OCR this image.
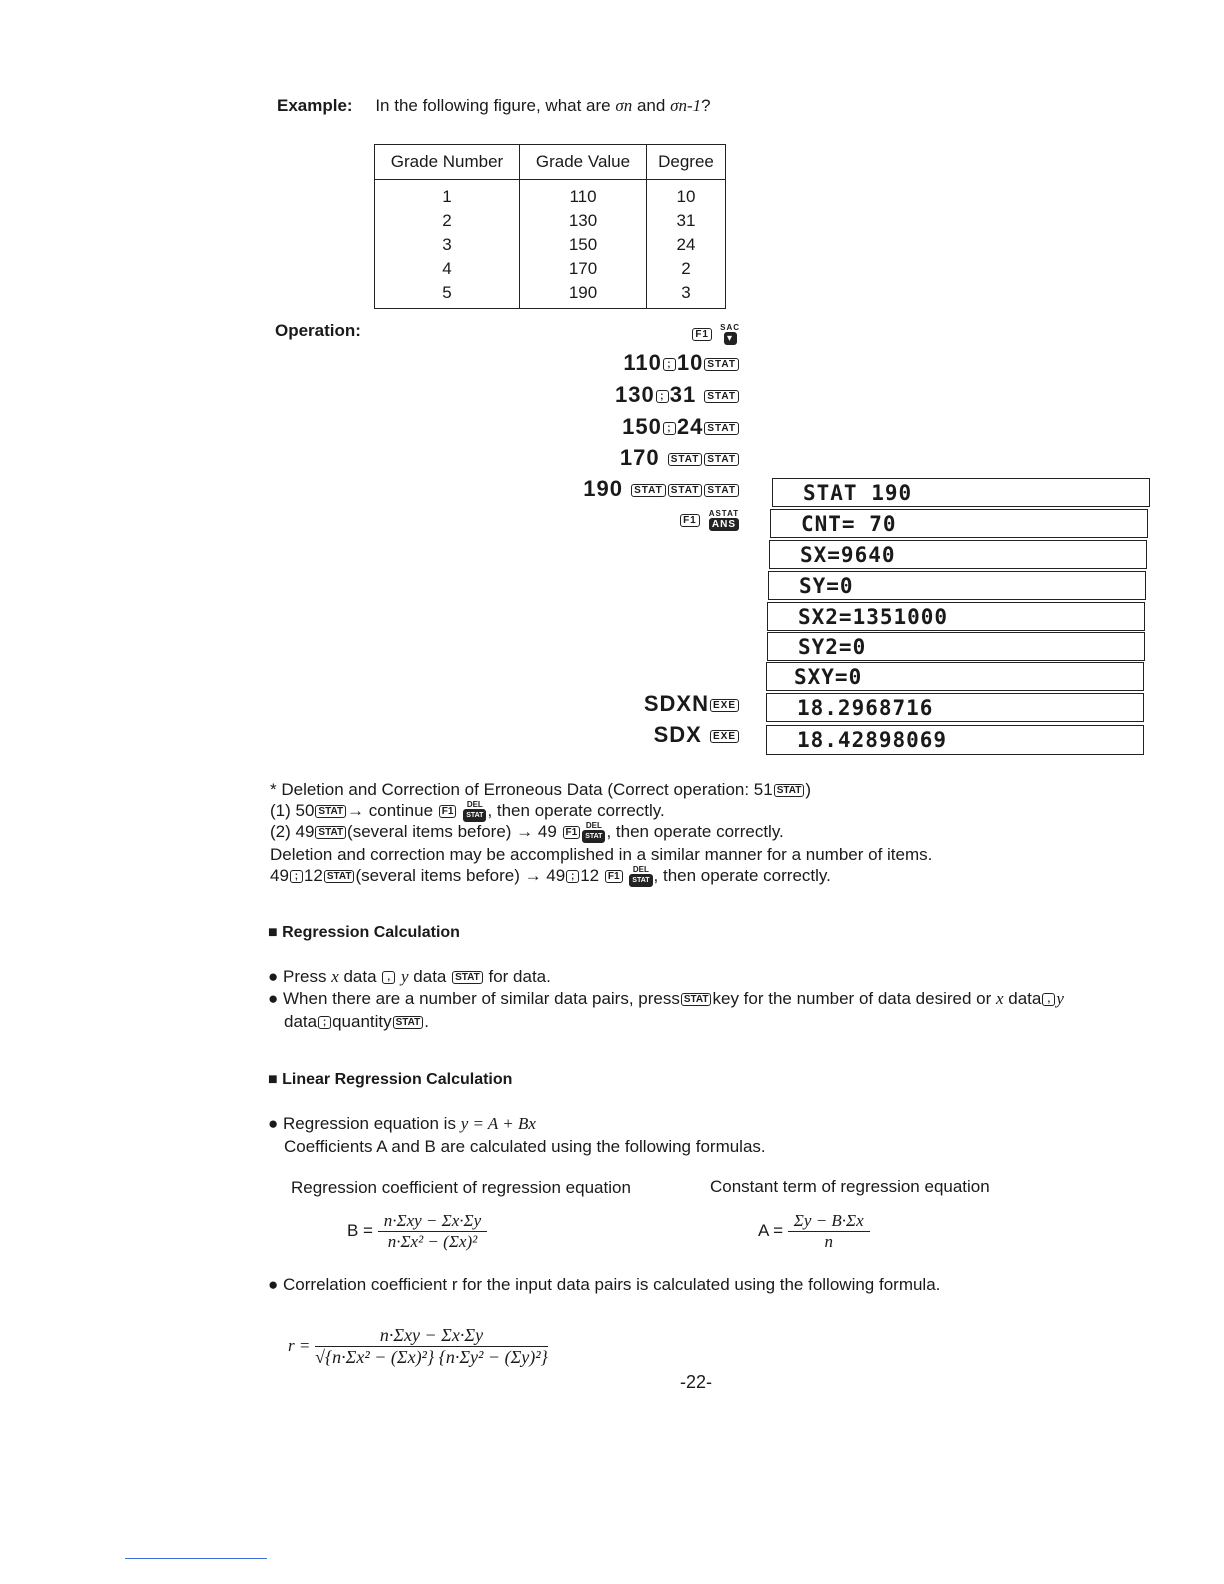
Example: In the following figure, what are σn and σn-1?
Grade Number	Grade Value	Degree
1	110	10
2	130	31
3	150	24
4	170	2
5	190	3
Operation:	F1 SAC
▾
110 ; 10 STAT
130 ; 31 STAT
150 ; 24 STAT
170 STAT STAT
190 STAT STAT STAT
F1 ASTAT
ANS
SDXN EXE
SDX EXE
STAT 190
CNT= 70
SX=9640
SY=0
SX2=1351000
SY2=0
SXY=0
18.2968716
18.42898069
* Deletion and Correction of Erroneous Data (Correct operation: 51 STAT )
(1) 50 STAT → continue F1 DEL
STAT , then operate correctly.
(2) 49 STAT (several items before) → 49 F1DEL
STAT , then operate correctly.
Deletion and correction may be accomplished in a similar manner for a number of items.
49 ; 12 STAT (several items before) → 49 ; 12 F1 DEL
STAT , then operate correctly.
■ Regression Calculation
● Press x data , y data STAT for data.
● When there are a number of similar data pairs, press STAT key for the number of data desired or x data , y
data ; quantity STAT .
■ Linear Regression Calculation
● Regression equation is y = A + Bx
Coefficients A and B are calculated using the following formulas.
Regression coefficient of regression equation	Constant term of regression equation
$B = \frac{\text{n·Σxy − Σx·Σy}}{\text{n·Σx² − (Σx)²}}$	$A = \frac{\Sigma y - B\cdot\Sigma x}{n}$
● Correlation coefficient r for the input data pairs is calculated using the following formula.
$r = \frac{\text{n·Σxy − Σx·Σy}}{\text{√\{n·Σx² − (Σx)²\} \{n·Σy² − (Σy)²\}}}$
-22-
